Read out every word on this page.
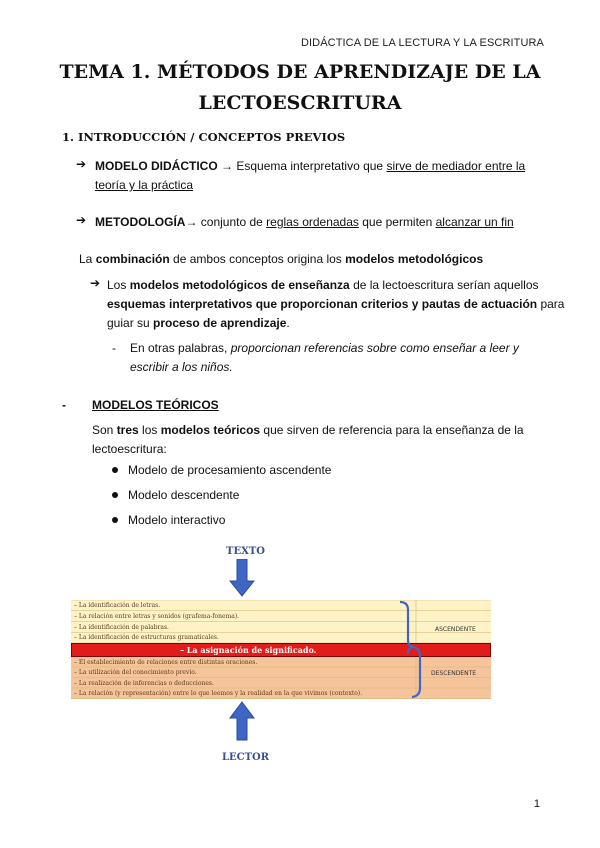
DIDÁCTICA DE LA LECTURA Y LA ESCRITURA
TEMA 1. MÉTODOS DE APRENDIZAJE DE LA
LECTOESCRITURA
1. INTRODUCCIÓN / CONCEPTOS PREVIOS
➔ MODELO DIDÁCTICO → Esquema interpretativo que sirve de mediador entre la
teoría y la práctica
➔ METODOLOGÍA→ conjunto de reglas ordenadas que permiten alcanzar un fin
La combinación de ambos conceptos origina los modelos metodológicos
➔ Los modelos metodológicos de enseñanza de la lectoescritura serían aquellos
esquemas interpretativos que proporcionan criterios y pautas de actuación para
guiar su proceso de aprendizaje.
- En otras palabras, proporcionan referencias sobre como enseñar a leer y
escribir a los niños.
- MODELOS TEÓRICOS
Son tres los modelos teóricos que sirven de referencia para la enseñanza de la
lectoescritura:
Modelo de procesamiento ascendente
Modelo descendente
Modelo interactivo
TEXTO
– La identificación de letras.
– La relación entre letras y sonidos (grafema-fonema).
– La identificación de palabras.
– La identificación de estructuras gramaticales.
– La asignación de significado.
– El establecimiento de relaciones entre distintas oraciones.
– La utilización del conocimiento previo.
– La realización de inferencias o deducciones.
– La relación (y representación) entre lo que leemos y la realidad en la que vivimos (contexto).
ASCENDENTE
DESCENDENTE
LECTOR
1
